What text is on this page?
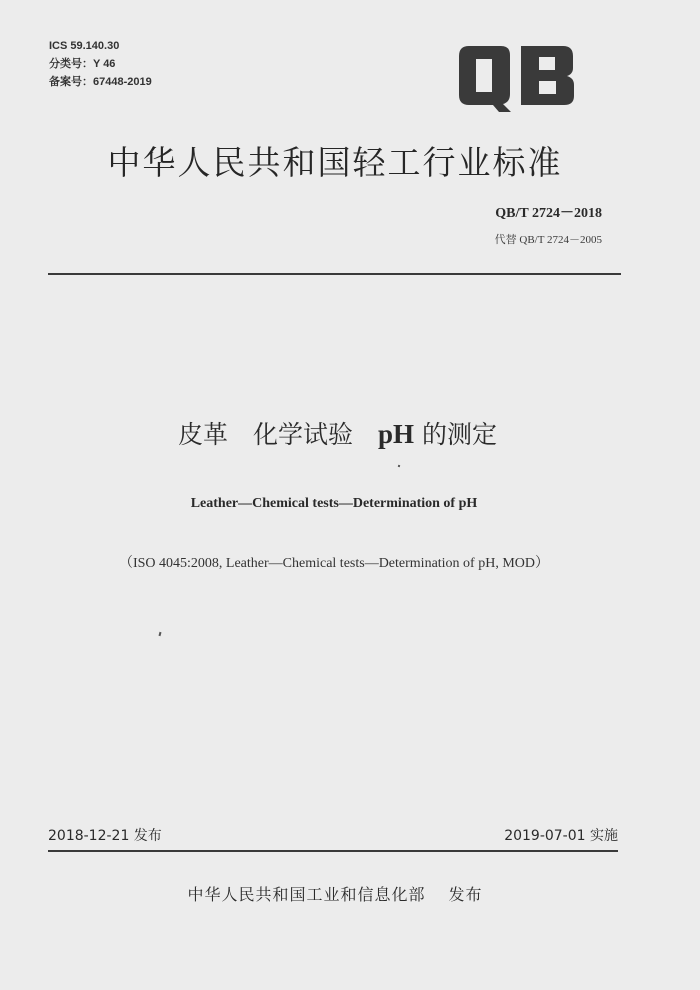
ICS 59.140.30
分类号：Y 46
备案号：67448-2019
中华人民共和国轻工行业标准
QB/T 2724－2018
代替 QB/T 2724－2005
皮革　化学试验　pH 的测定
Leather—Chemical tests—Determination of pH
（ISO 4045:2008, Leather—Chemical tests—Determination of pH, MOD）
2018-12-21 发布	2019-07-01 实施
中华人民共和国工业和信息化部　 发布
